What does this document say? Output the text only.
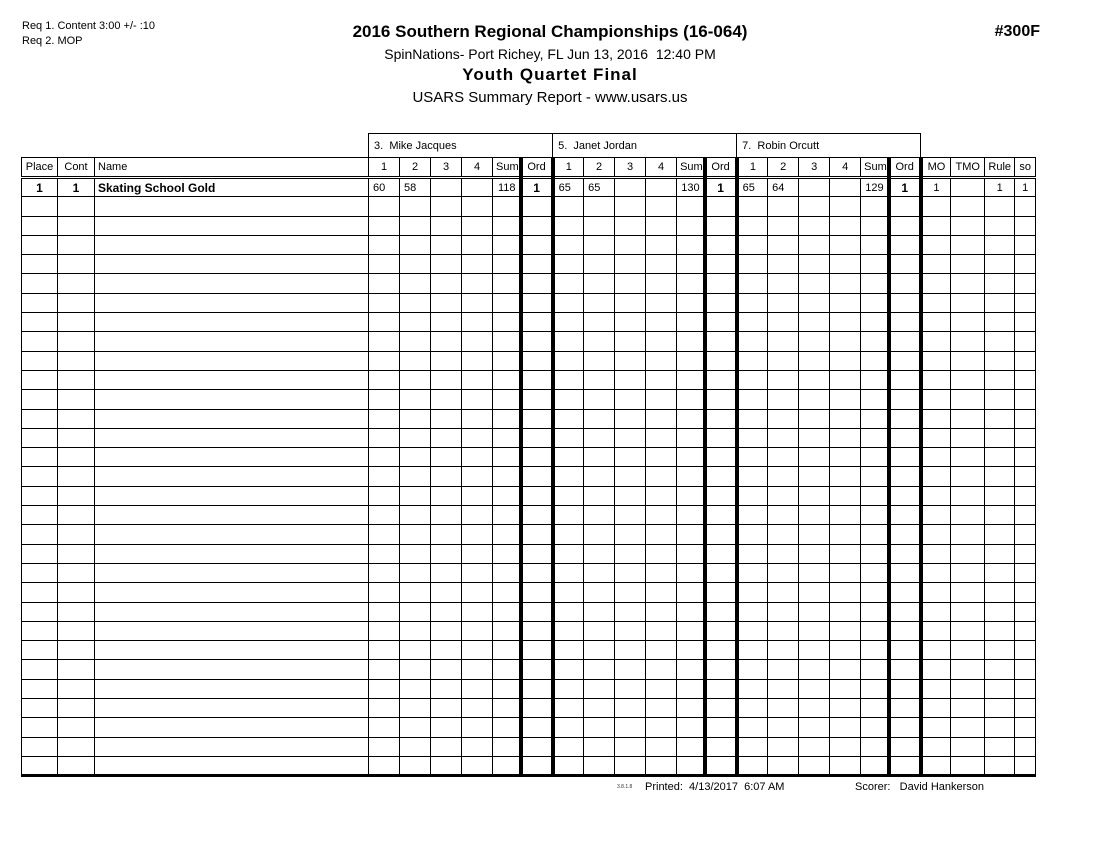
Req 1. Content 3:00 +/- :10
Req 2. MOP	2016 Southern Regional Championships (16-064)
SpinNations- Port Richey, FL Jun 13, 2016  12:40 PM
Youth Quartet Final
USARS Summary Report - www.usars.us
#300F
			3.  Mike Jacques						5.  Janet Jordan						7.  Robin Orcutt									
Place	Cont	Name	1	2	3	4	Sum	Ord	1	2	3	4	Sum	Ord	1	2	3	4	Sum	Ord	MO	TMO	Rule	so
1	1	Skating School Gold	60	58			118	1	65	65			130	1	65	64			129	1	1		1	1

3.8.1.8 Printed: 4/13/2017  6:07 AM	Scorer: David Hankerson
